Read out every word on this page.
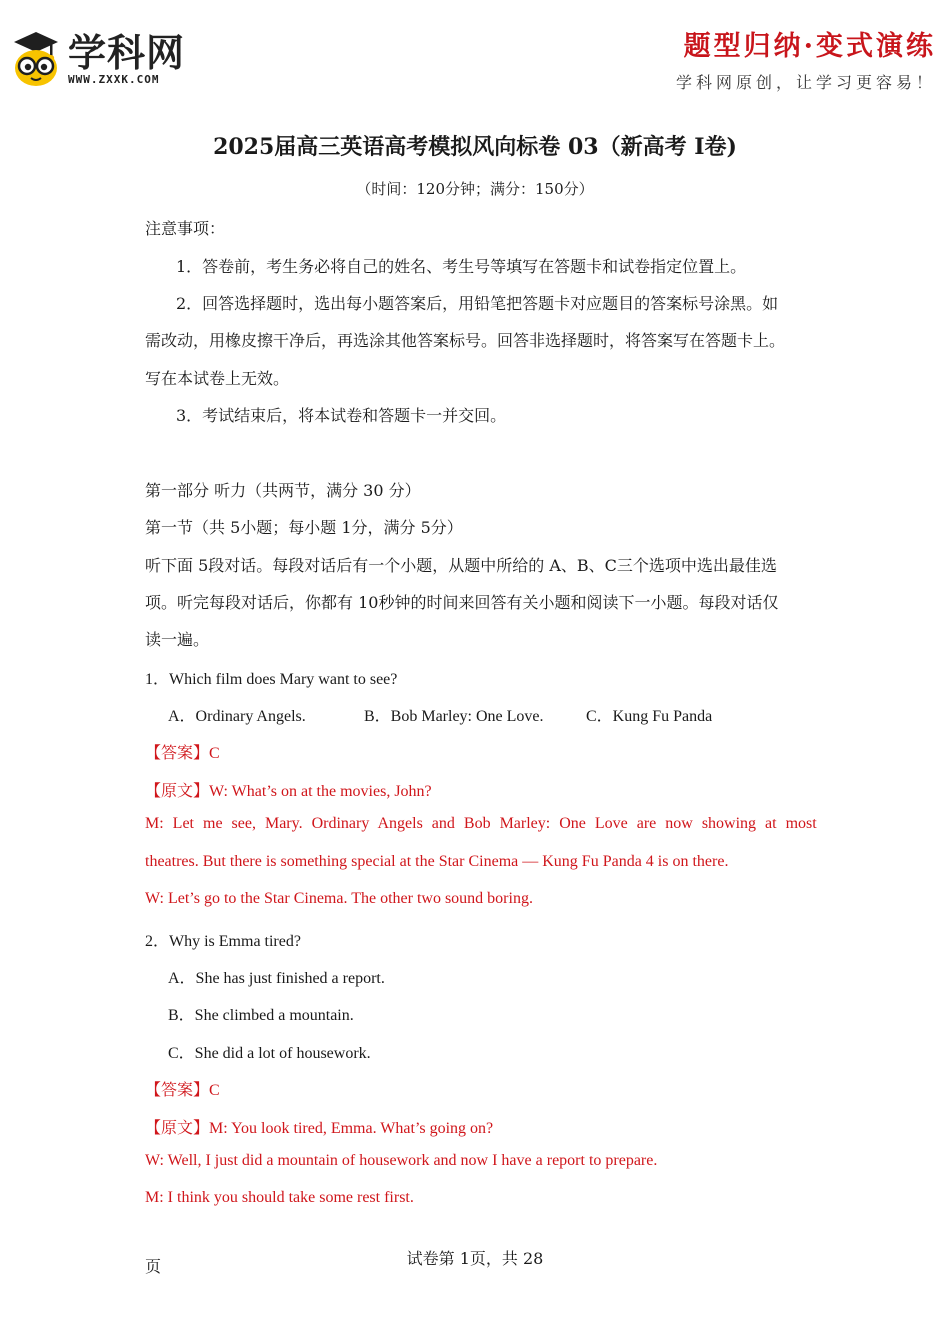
学科网
WWW.ZXXK.COM
题型归纳·变式演练
学科网原创，让学习更容易！
2025届高三英语高考模拟风向标卷 03（新高考 I卷)
（时间：120分钟；满分：150分）
注意事项：
1．答卷前，考生务必将自己的姓名、考生号等填写在答题卡和试卷指定位置上。
2．回答选择题时，选出每小题答案后，用铅笔把答题卡对应题目的答案标号涂黑。如
需改动，用橡皮擦干净后，再选涂其他答案标号。回答非选择题时，将答案写在答题卡上。
写在本试卷上无效。
3．考试结束后，将本试卷和答题卡一并交回。
第一部分 听力（共两节，满分 30 分）
第一节（共 5小题；每小题 1分，满分 5分）
听下面 5段对话。每段对话后有一个小题，从题中所给的 A、B、C三个选项中选出最佳选
项。听完每段对话后，你都有 10秒钟的时间来回答有关小题和阅读下一小题。每段对话仅
读一遍。
1．Which film does Mary want to see?
A．Ordinary Angels.	B．Bob Marley: One Love.	C．Kung Fu Panda
【答案】C
【原文】W: What’s on at the movies, John?
M: Let me see, Mary. Ordinary Angels and Bob Marley: One Love are now showing at most
theatres. But there is something special at the Star Cinema — Kung Fu Panda 4 is on there.
W: Let’s go to the Star Cinema. The other two sound boring.
2．Why is Emma tired?
A．She has just finished a report.
B．She climbed a mountain.
C．She did a lot of housework.
【答案】C
【原文】M: You look tired, Emma. What’s going on?
W: Well, I just did a mountain of housework and now I have a report to prepare.
M: I think you should take some rest first.
试卷第 1页，共 28
页
